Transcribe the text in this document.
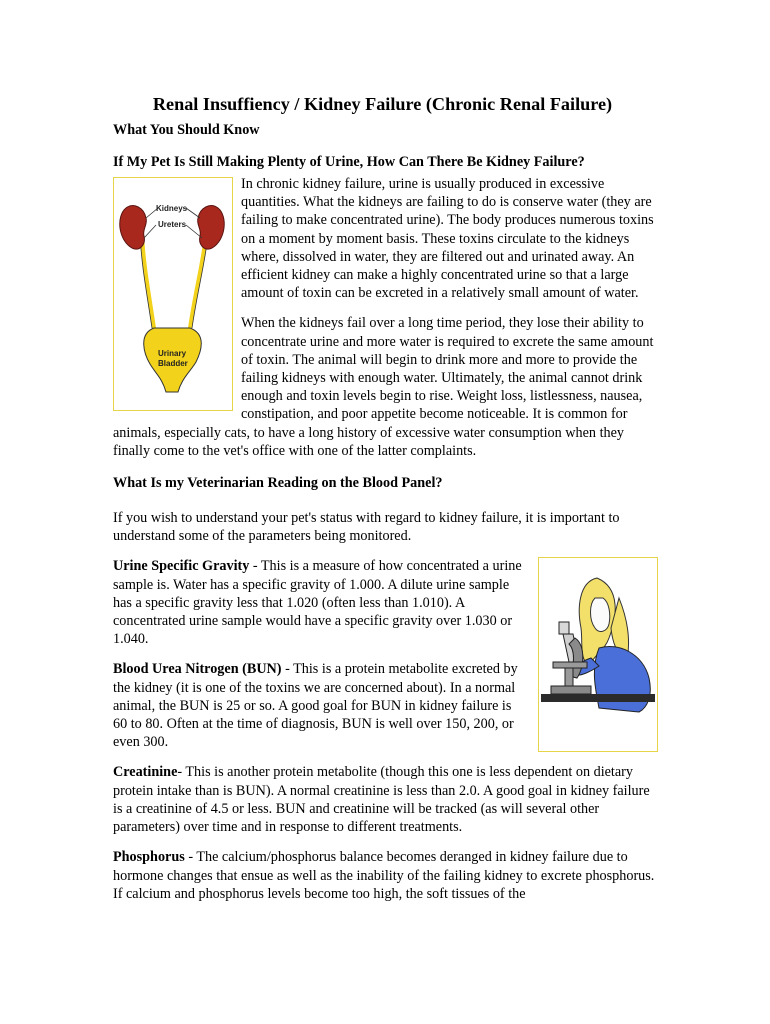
Renal Insuffiency / Kidney Failure (Chronic Renal Failure)
What You Should Know
If My Pet Is Still Making Plenty of Urine, How Can There Be Kidney Failure?
Kidneys
Ureters
Urinary
Bladder

In chronic kidney failure, urine is usually produced in excessive quantities. What the kidneys are failing to do is conserve water (they are failing to make concentrated urine). The body produces numerous toxins on a moment by moment basis. These toxins circulate to the kidneys where, dissolved in water, they are filtered out and urinated away. An efficient kidney can make a highly concentrated urine so that a large amount of toxin can be excreted in a relatively small amount of water.

When the kidneys fail over a long time period, they lose their ability to concentrate urine and more water is required to excrete the same amount of toxin. The animal will begin to drink more and more to provide the failing kidneys with enough water. Ultimately, the animal cannot drink enough and toxin levels begin to rise. Weight loss, listlessness, nausea, constipation, and poor appetite become noticeable. It is common for animals, especially cats, to have a long history of excessive water consumption when they finally come to the vet's office with one of the latter complaints.

What Is my Veterinarian Reading on the Blood Panel?

If you wish to understand your pet's status with regard to kidney failure, it is important to understand some of the parameters being monitored.

Urine Specific Gravity - This is a measure of how concentrated a urine sample is. Water has a specific gravity of 1.000. A dilute urine sample has a specific gravity less that 1.020 (often less than 1.010). A concentrated urine sample would have a specific gravity over 1.030 or 1.040.

Blood Urea Nitrogen (BUN) - This is a protein metabolite excreted by the kidney (it is one of the toxins we are concerned about). In a normal animal, the BUN is 25 or so. A good goal for BUN in kidney failure is 60 to 80. Often at the time of diagnosis, BUN is well over 150, 200, or even 300.

Creatinine- This is another protein metabolite (though this one is less dependent on dietary protein intake than is BUN). A normal creatinine is less than 2.0. A good goal in kidney failure is a creatinine of 4.5 or less. BUN and creatinine will be tracked (as will several other parameters) over time and in response to different treatments.

Phosphorus - The calcium/phosphorus balance becomes deranged in kidney failure due to hormone changes that ensue as well as the inability of the failing kidney to excrete phosphorus. If calcium and phosphorus levels become too high, the soft tissues of the
